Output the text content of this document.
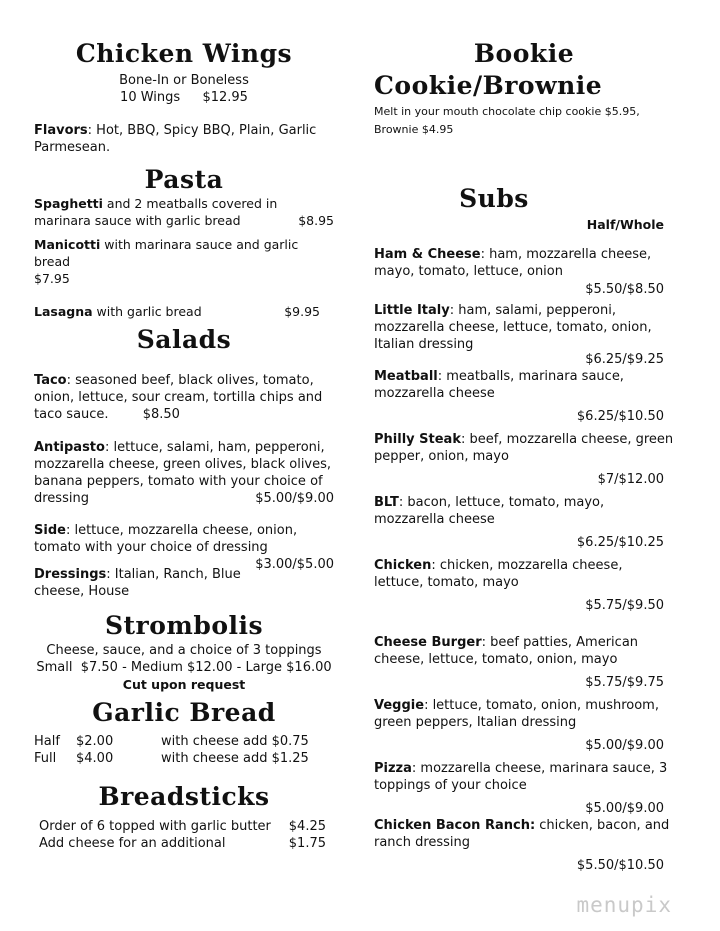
Chicken Wings
Bone-In or Boneless
10 Wings $12.95
Flavors: Hot, BBQ, Spicy BBQ, Plain, Garlic Parmesean.
Pasta
Spaghetti and 2 meatballs covered in marinara sauce with garlic bread	$8.95
Manicotti with marinara sauce and garlic bread
$7.95
Lasagna with garlic bread	$9.95
Salads
Taco: seasoned beef, black olives, tomato, onion, lettuce, sour cream, tortilla chips and taco sauce.	$8.50
Antipasto: lettuce, salami, ham, pepperoni, mozzarella cheese, green olives, black olives, banana peppers, tomato with your choice of dressing	$5.00/$9.00
Side: lettuce, mozzarella cheese, onion, tomato with your choice of dressing
$3.00/$5.00
Dressings: Italian, Ranch, Blue cheese, House
Strombolis
Cheese, sauce, and a choice of 3 toppings
Small  $7.50 - Medium $12.00 - Large $16.00
Cut upon request
Garlic Bread
Half	$2.00	with cheese add $0.75
Full	$4.00	with cheese add $1.25
Breadsticks
Order of 6 topped with garlic butter $4.25
Add cheese for an additional	$1.75
Bookie
Cookie/Brownie
Melt in your mouth chocolate chip cookie $5.95,
Brownie $4.95
Subs
Half/Whole
Ham & Cheese: ham, mozzarella cheese, mayo, tomato, lettuce, onion
$5.50/$8.50
Little Italy: ham, salami, pepperoni, mozzarella cheese, lettuce, tomato, onion, Italian dressing
$6.25/$9.25
Meatball: meatballs, marinara sauce, mozzarella cheese
$6.25/$10.50
Philly Steak: beef, mozzarella cheese, green pepper, onion, mayo
$7/$12.00
BLT: bacon, lettuce, tomato, mayo, mozzarella cheese
$6.25/$10.25
Chicken: chicken, mozzarella cheese, lettuce, tomato, mayo
$5.75/$9.50
Cheese Burger: beef patties, American cheese, lettuce, tomato, onion, mayo
$5.75/$9.75
Veggie: lettuce, tomato, onion, mushroom, green peppers, Italian dressing
$5.00/$9.00
Pizza: mozzarella cheese, marinara sauce, 3 toppings of your choice
$5.00/$9.00
Chicken Bacon Ranch: chicken, bacon, and ranch dressing
$5.50/$10.50
menupix
